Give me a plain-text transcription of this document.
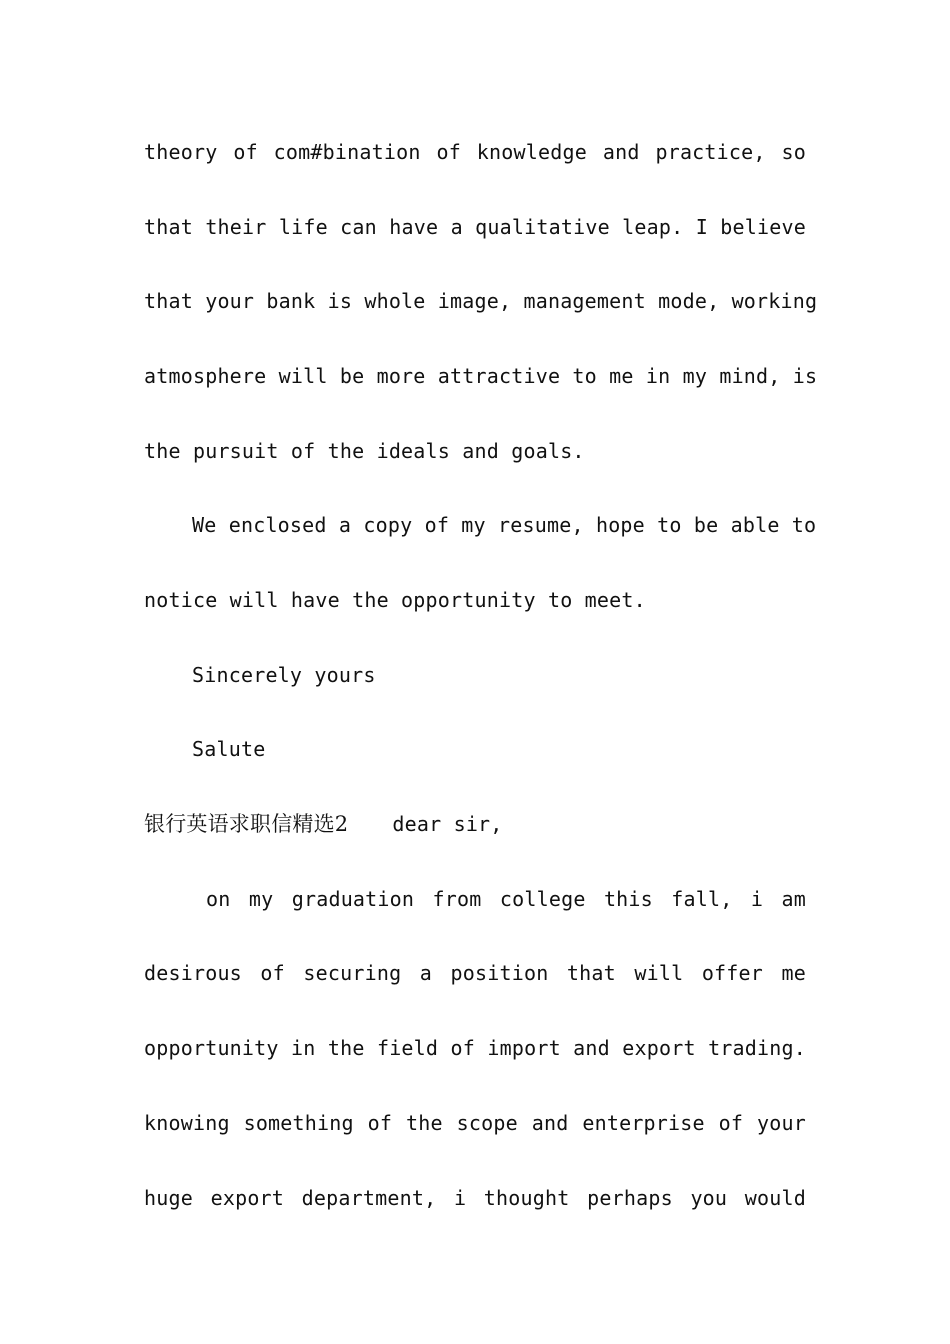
theory of com#bination of knowledge and practice, so
that their life can have a qualitative leap. I believe
that your bank is whole image, management mode, working
atmosphere will be more attractive to me in my mind, is
the pursuit of the ideals and goals.
We enclosed a copy of my resume, hope to be able to
notice will have the opportunity to meet.
Sincerely yours
Salute
银行英语求职信精选2 dear sir,
on my graduation from college this fall, i am
desirous of securing a position that will offer me
opportunity in the field of import and export trading.
knowing something of the scope and enterprise of your
huge export department, i thought perhaps you would
